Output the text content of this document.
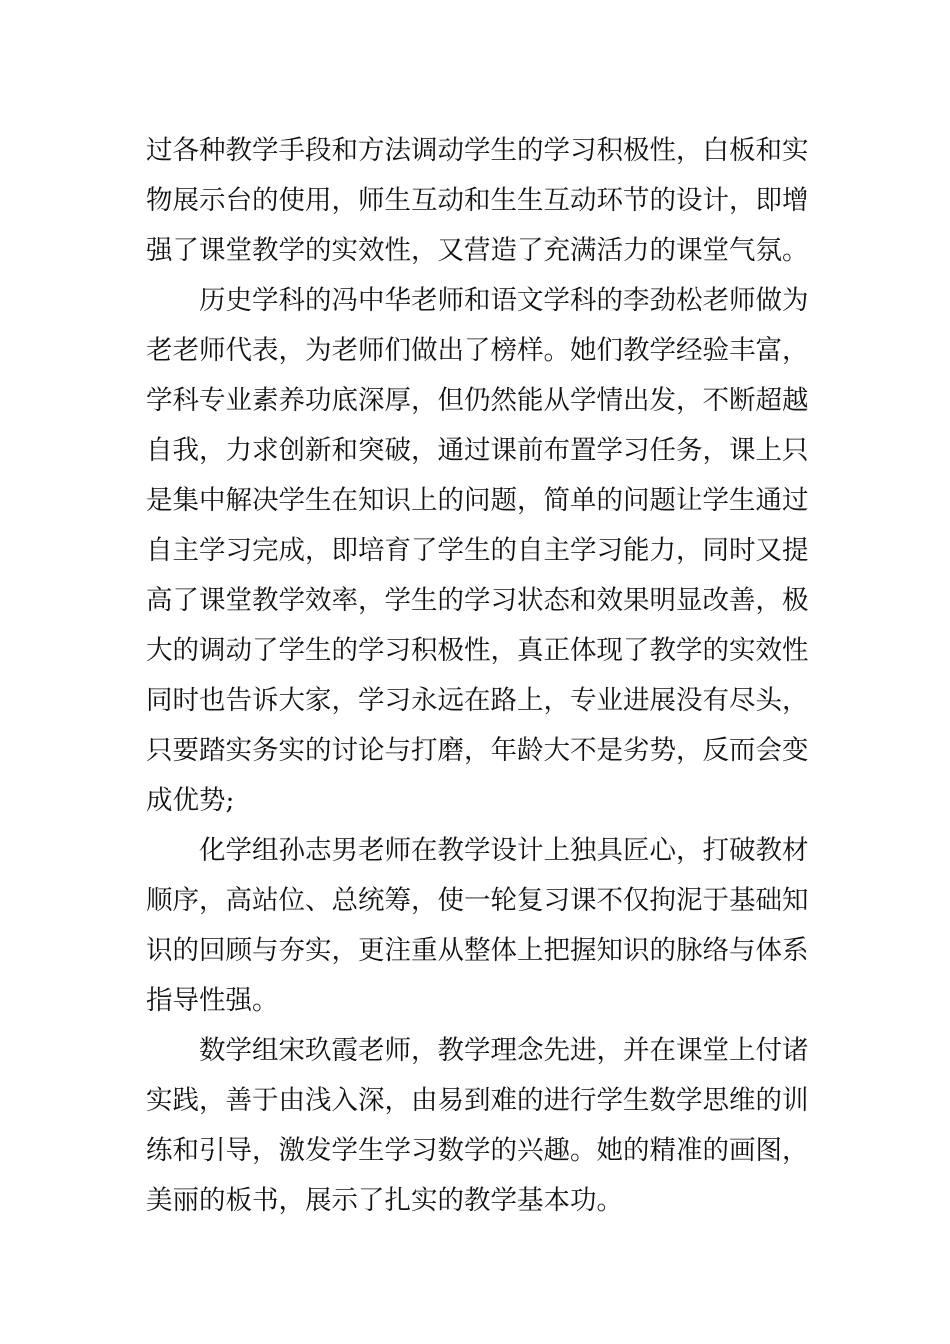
过各种教学手段和方法调动学生的学习积极性，白板和实
物展示台的使用，师生互动和生生互动环节的设计，即增
强了课堂教学的实效性，又营造了充满活力的课堂气氛。
　　历史学科的冯中华老师和语文学科的李劲松老师做为
老老师代表，为老师们做出了榜样。她们教学经验丰富，
学科专业素养功底深厚，但仍然能从学情出发，不断超越
自我，力求创新和突破，通过课前布置学习任务，课上只
是集中解决学生在知识上的问题，简单的问题让学生通过
自主学习完成，即培育了学生的自主学习能力，同时又提
高了课堂教学效率，学生的学习状态和效果明显改善，极
大的调动了学生的学习积极性，真正体现了教学的实效性
同时也告诉大家，学习永远在路上，专业进展没有尽头，
只要踏实务实的讨论与打磨，年龄大不是劣势，反而会变
成优势;
　　化学组孙志男老师在教学设计上独具匠心，打破教材
顺序，高站位、总统筹，使一轮复习课不仅拘泥于基础知
识的回顾与夯实，更注重从整体上把握知识的脉络与体系
指导性强。
　　数学组宋玖霞老师，教学理念先进，并在课堂上付诸
实践，善于由浅入深，由易到难的进行学生数学思维的训
练和引导，激发学生学习数学的兴趣。她的精准的画图，
美丽的板书，展示了扎实的教学基本功。
